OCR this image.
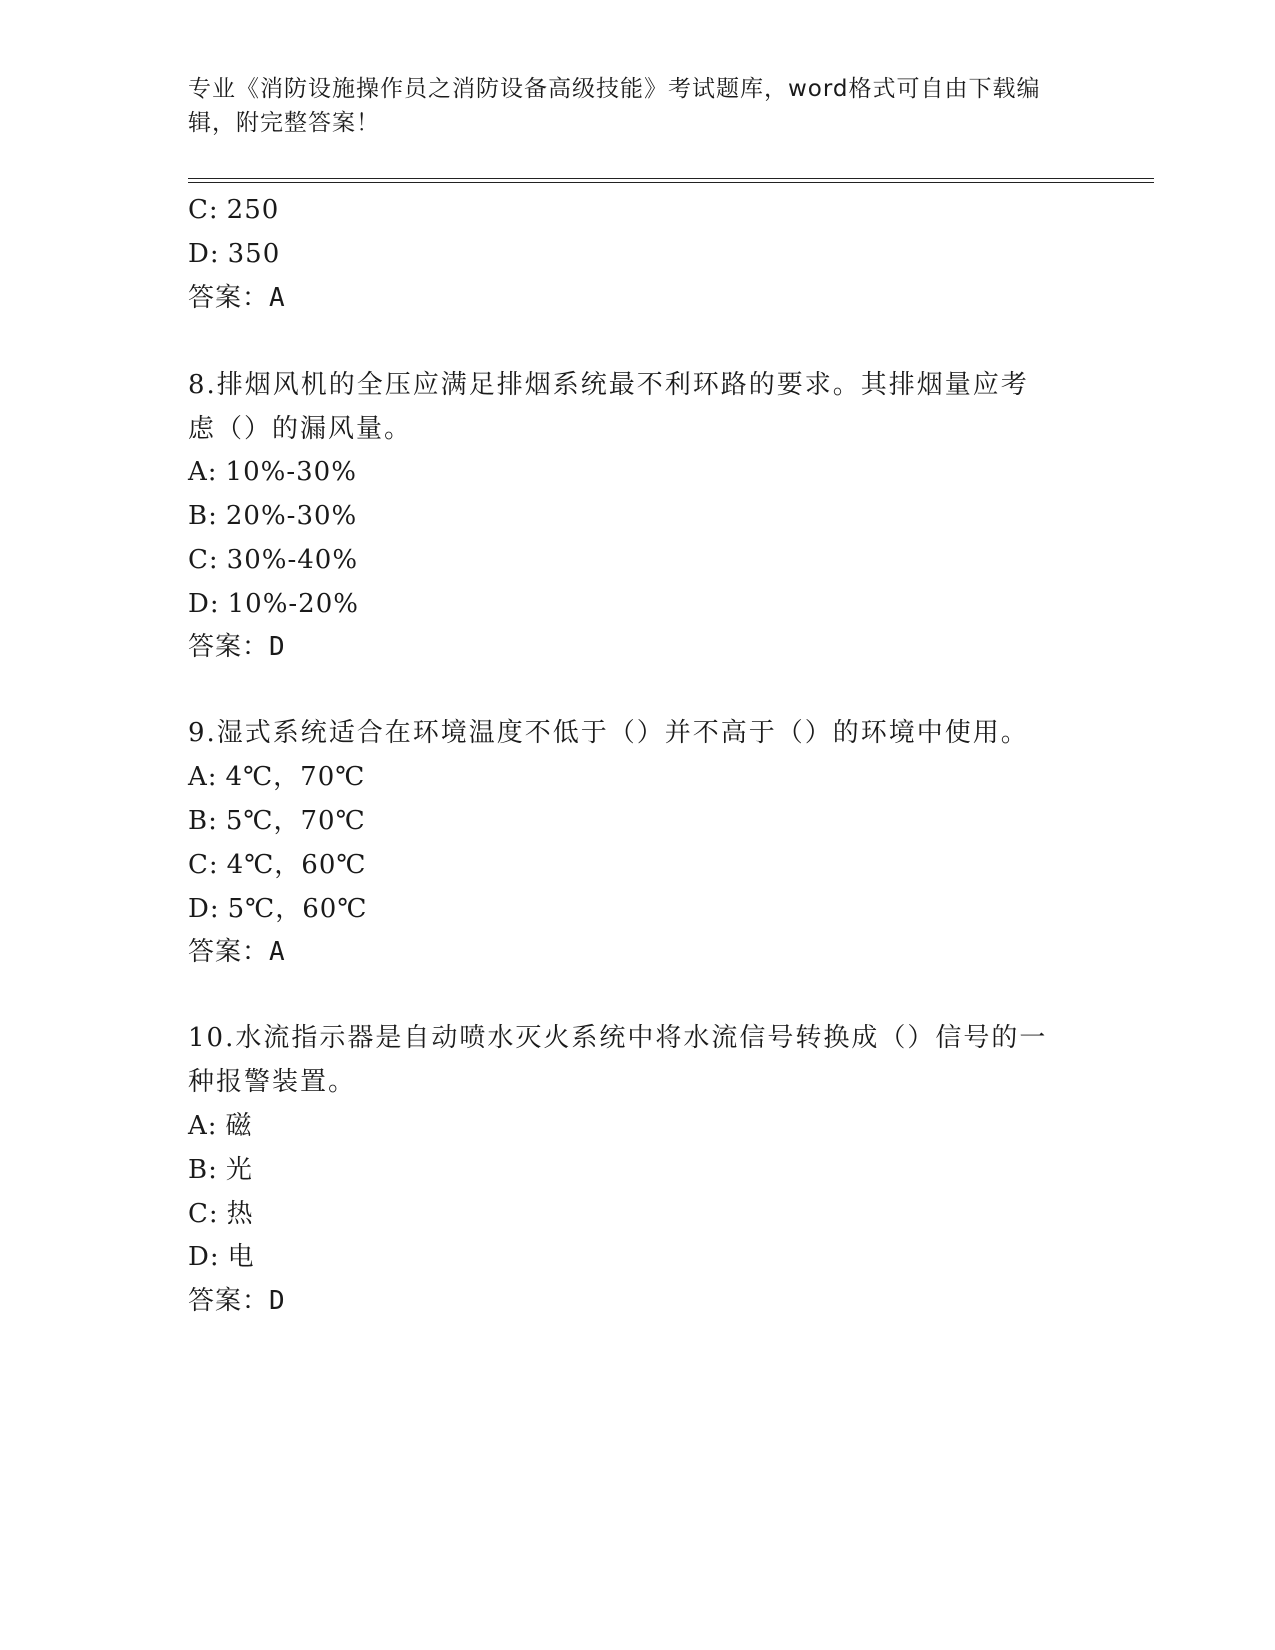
专业《消防设施操作员之消防设备高级技能》考试题库，word格式可自由下载编
辑，附完整答案！
C: 250
D: 350
答案：A
8.排烟风机的全压应满足排烟系统最不利环路的要求。其排烟量应考
虑（）的漏风量。
A: 10%-30%
B: 20%-30%
C: 30%-40%
D: 10%-20%
答案：D
9.湿式系统适合在环境温度不低于（）并不高于（）的环境中使用。
A: 4℃，70℃
B: 5℃，70℃
C: 4℃，60℃
D: 5℃，60℃
答案：A
10.水流指示器是自动喷水灭火系统中将水流信号转换成（）信号的一
种报警装置。
A: 磁
B: 光
C: 热
D: 电
答案：D
